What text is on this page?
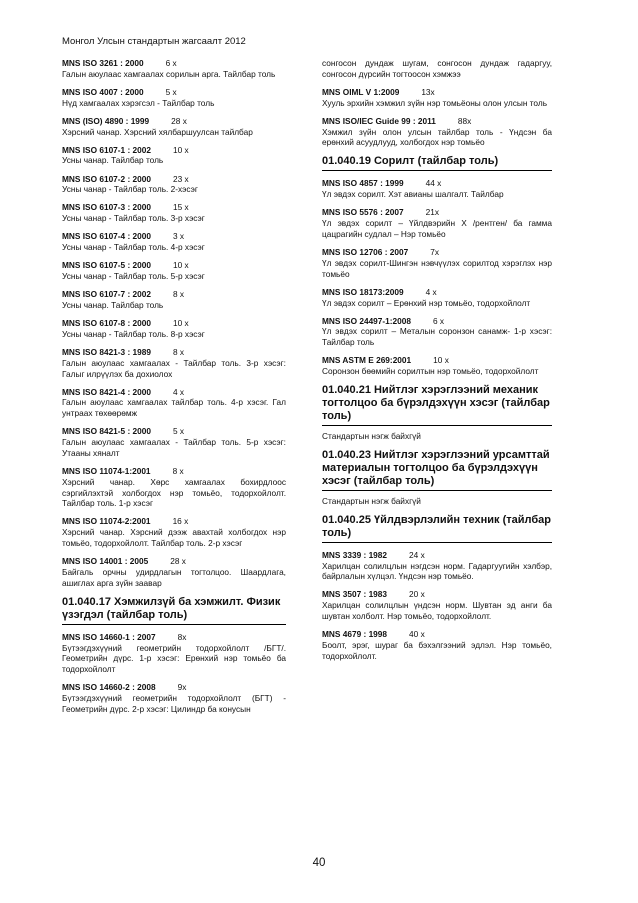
Монгол Улсын стандартын жагсаалт 2012
MNS ISO 3261 : 2000	6 х
Галын аюулаас хамгаалах сорилын арга. Тайлбар толь
MNS ISO 4007 : 2000	5 х
Нүд хамгаалах хэрэгсэл - Тайлбар толь
MNS (ISO) 4890 : 1999	28 х
Хэрсний чанар. Хэрсний хялбаршуулсан тайлбар
MNS ISO 6107-1 : 2002	10 х
Усны чанар. Тайлбар толь
MNS ISO 6107-2 : 2000	23 х
Усны чанар - Тайлбар толь. 2-хэсэг
MNS ISO 6107-3 : 2000	15 х
Усны чанар - Тайлбар толь. 3-р хэсэг
MNS ISO 6107-4 : 2000	3 х
Усны чанар - Тайлбар толь. 4-р хэсэг
MNS ISO 6107-5 : 2000	10 х
Усны чанар - Тайлбар толь. 5-р хэсэг
MNS ISO 6107-7 : 2002	8 х
Усны чанар. Тайлбар толь
MNS ISO 6107-8 : 2000	10 х
Усны чанар - Тайлбар толь. 8-р хэсэг
MNS ISO 8421-3 : 1989	8 х
Галын аюулаас хамгаалах - Тайлбар толь. 3-р хэсэг: Галыг илрүүлэх ба дохиолох
MNS ISO 8421-4 : 2000	4 х
Галын аюулаас хамгаалах тайлбар толь. 4-р хэсэг. Гал унтраах төхөөрөмж
MNS ISO 8421-5 : 2000	5 х
Галын аюулаас хамгаалах - Тайлбар толь. 5-р хэсэг: Утааны хяналт
MNS ISO 11074-1:2001	8 х
Хэрсний чанар. Хөрс хамгаалах бохирдлоос сэргийлэхтэй холбогдох нэр томьёо, тодорхойлолт. Тайлбар толь. 1-р хэсэг
MNS ISO 11074-2:2001	16 х
Хэрсний чанар. Хэрсний дээж авахтай холбогдох нэр томьёо, тодорхойлолт. Тайлбар толь. 2-р хэсэг
MNS ISO 14001 : 2005	28 х
Байгаль орчны удирдлагын тогтолцоо. Шаардлага, ашиглах арга зүйн заавар
01.040.17 Хэмжилзүй ба хэмжилт. Физик үзэгдэл (тайлбар толь)
MNS ISO 14660-1 : 2007	8х
Бүтээгдэхүүний геометрийн тодорхойлолт /БГТ/. Геометрийн дүрс. 1-р хэсэг: Ерөнхий нэр томьёо ба тодорхойлолт
MNS ISO 14660-2 : 2008	9х
Бүтээгдэхүүний геометрийн тодорхойлолт (БГТ) - Геометрийн дүрс. 2-р хэсэг: Цилиндр ба конусын
сонгосон дундаж шугам, сонгосон дундаж гадаргуу, сонгосон дүрсийн тогтоосон хэмжээ
MNS OIML V 1:2009	13х
Хууль эрхийн хэмжил зүйн нэр томьёоны олон улсын толь
MNS ISO/IEC Guide 99 : 2011	88х
Хэмжил зүйн олон улсын тайлбар толь - Үндсэн ба ерөнхий асуудлууд, холбогдох нэр томьёо
01.040.19 Сорилт (тайлбар толь)
MNS ISO 4857 : 1999	44 х
Үл эвдэх сорилт. Хэт авианы шалгалт. Тайлбар
MNS ISO 5576 : 2007	21х
Үл эвдэх сорилт – Үйлдвэрийн X /рентген/ ба гамма цацрагийн судлал – Нэр томьёо
MNS ISO 12706 : 2007	7х
Үл эвдэх сорилт-Шингэн нэвчүүлэх сорилтод хэрэглэх нэр томьёо
MNS ISO 18173:2009	4 х
Үл эвдэх сорилт – Ерөнхий нэр томьёо, тодорхойлолт
MNS ISO 24497-1:2008	6 х
Үл эвдэх сорилт – Металын соронзон санамж- 1-р хэсэг: Тайлбар толь
MNS ASTM E 269:2001	10 х
Соронзон бөөмийн сорилтын нэр томьёо, тодорхойлолт
01.040.21 Нийтлэг хэрэглээний механик тогтолцоо ба бүрэлдэхүүн хэсэг (тайлбар толь)
Стандартын нэгж байхгүй
01.040.23 Нийтлэг хэрэглээний урсамттай материалын тогтолцоо ба бүрэлдэхүүн хэсэг (тайлбар толь)
Стандартын нэгж байхгүй
01.040.25 Үйлдвэрлэлийн техник (тайлбар толь)
MNS 3339 : 1982	24 х
Харилцан солилцлын нэгдсэн норм. Гадаргуугийн хэлбэр, байрлалын хүлцэл. Үндсэн нэр томьёо.
MNS 3507 : 1983	20 х
Харилцан солилцлын үндсэн норм. Шувтан эд анги ба шувтан холболт. Нэр томьёо, тодорхойлолт.
MNS 4679 : 1998	40 х
Боолт, эрэг, шураг ба бэхэлгээний эдлэл. Нэр томьёо, тодорхойлолт.
40
